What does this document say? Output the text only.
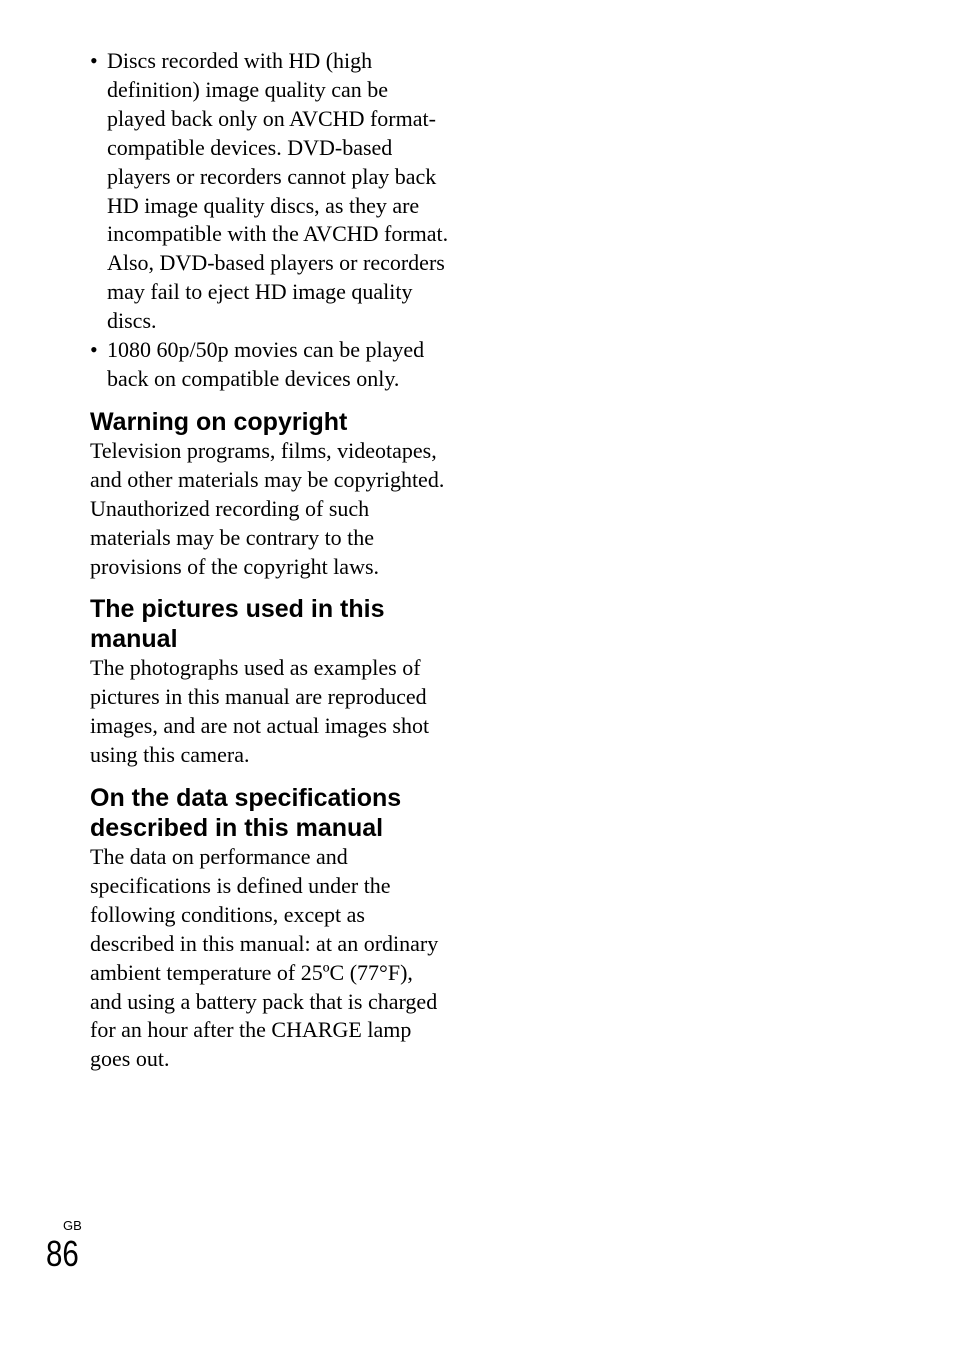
• Discs recorded with HD (high definition) image quality can be played back only on AVCHD format-compatible devices. DVD-based players or recorders cannot play back HD image quality discs, as they are incompatible with the AVCHD format. Also, DVD-based players or recorders may fail to eject HD image quality discs.
• 1080 60p/50p movies can be played back on compatible devices only.
Warning on copyright

Television programs, films, videotapes, and other materials may be copyrighted. Unauthorized recording of such materials may be contrary to the provisions of the copyright laws.

The pictures used in this manual

The photographs used as examples of pictures in this manual are reproduced images, and are not actual images shot using this camera.

On the data specifications described in this manual

The data on performance and specifications is defined under the following conditions, except as described in this manual: at an ordinary ambient temperature of 25ºC (77°F), and using a battery pack that is charged for an hour after the CHARGE lamp goes out.

GB
86
